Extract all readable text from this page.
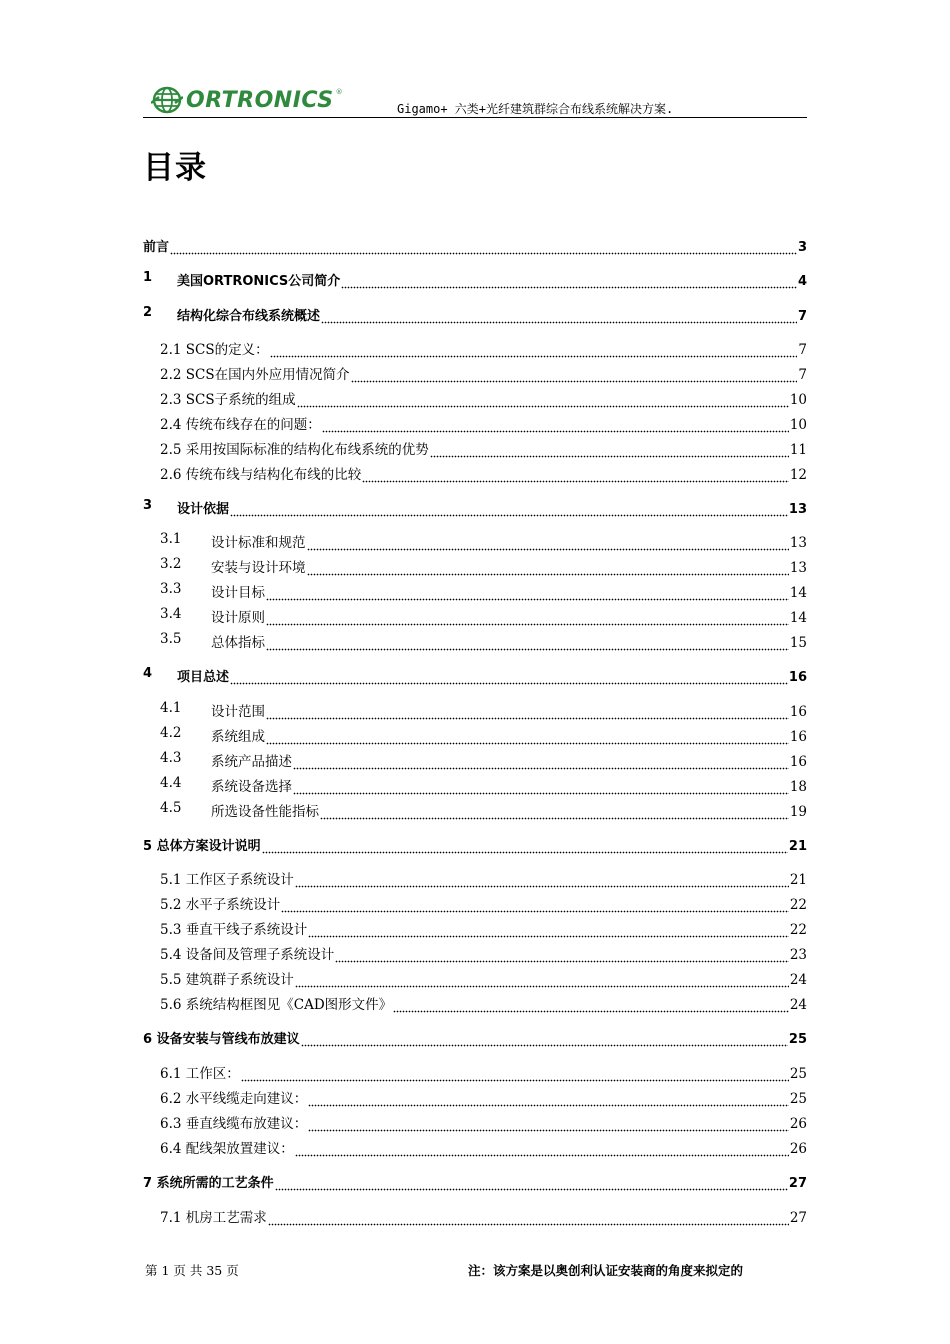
ORTRONICS ®
Gigamo+ 六类+光纤建筑群综合布线系统解决方案.
目录
前言	3
1	美国ORTRONICS公司简介	4
2	结构化综合布线系统概述	7
2.1 SCS的定义：	7
2.2 SCS在国内外应用情况简介	7
2.3 SCS子系统的组成	10
2.4 传统布线存在的问题：	10
2.5 采用按国际标准的结构化布线系统的优势	11
2.6 传统布线与结构化布线的比较	12
3	设计依据	13
3.1	设计标准和规范	13
3.2	安装与设计环境	13
3.3	设计目标	14
3.4	设计原则	14
3.5	总体指标	15
4	项目总述	16
4.1	设计范围	16
4.2	系统组成	16
4.3	系统产品描述	16
4.4	系统设备选择	18
4.5	所选设备性能指标	19
5 总体方案设计说明	21
5.1 工作区子系统设计	21
5.2 水平子系统设计	22
5.3 垂直干线子系统设计	22
5.4 设备间及管理子系统设计	23
5.5 建筑群子系统设计	24
5.6 系统结构框图见《CAD图形文件》	24
6 设备安装与管线布放建议	25
6.1 工作区：	25
6.2 水平线缆走向建议：	25
6.3 垂直线缆布放建议：	26
6.4 配线架放置建议：	26
7 系统所需的工艺条件	27
7.1 机房工艺需求	27
第 1 页 共 35 页	注：该方案是以奥创利认证安装商的角度来拟定的
